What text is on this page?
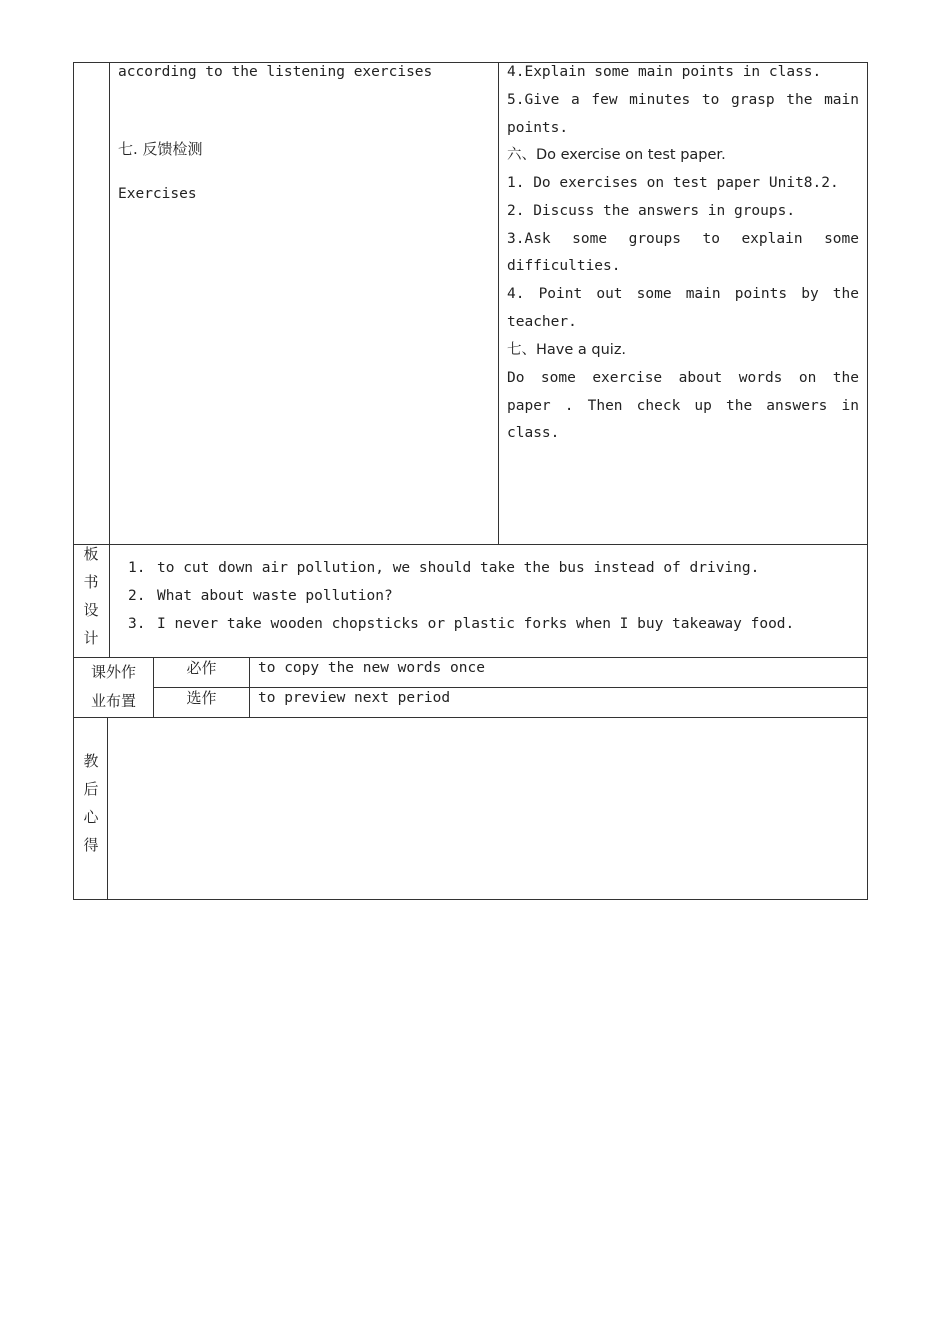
according to the listening exercises
七. 反馈检测
Exercises
4.Explain some main points in class.
5.Give a few minutes to grasp the main
points.
六、Do exercise on test paper.
1. Do exercises on test paper Unit8.2.
2. Discuss the answers in groups.
3.Ask some groups to explain some
difficulties.
4. Point out some main points by the
teacher.
七、Have a quiz.
Do some exercise about words on the
paper . Then check up the answers in
class.
板
书
设
计
1. to cut down air pollution, we should take the bus instead of driving.
2. What about waste pollution?
3. I never take wooden chopsticks or plastic forks when I buy takeaway food.
课外作
业布置
必作	to copy the new words once
选作	to preview next period
教
后
心
得
